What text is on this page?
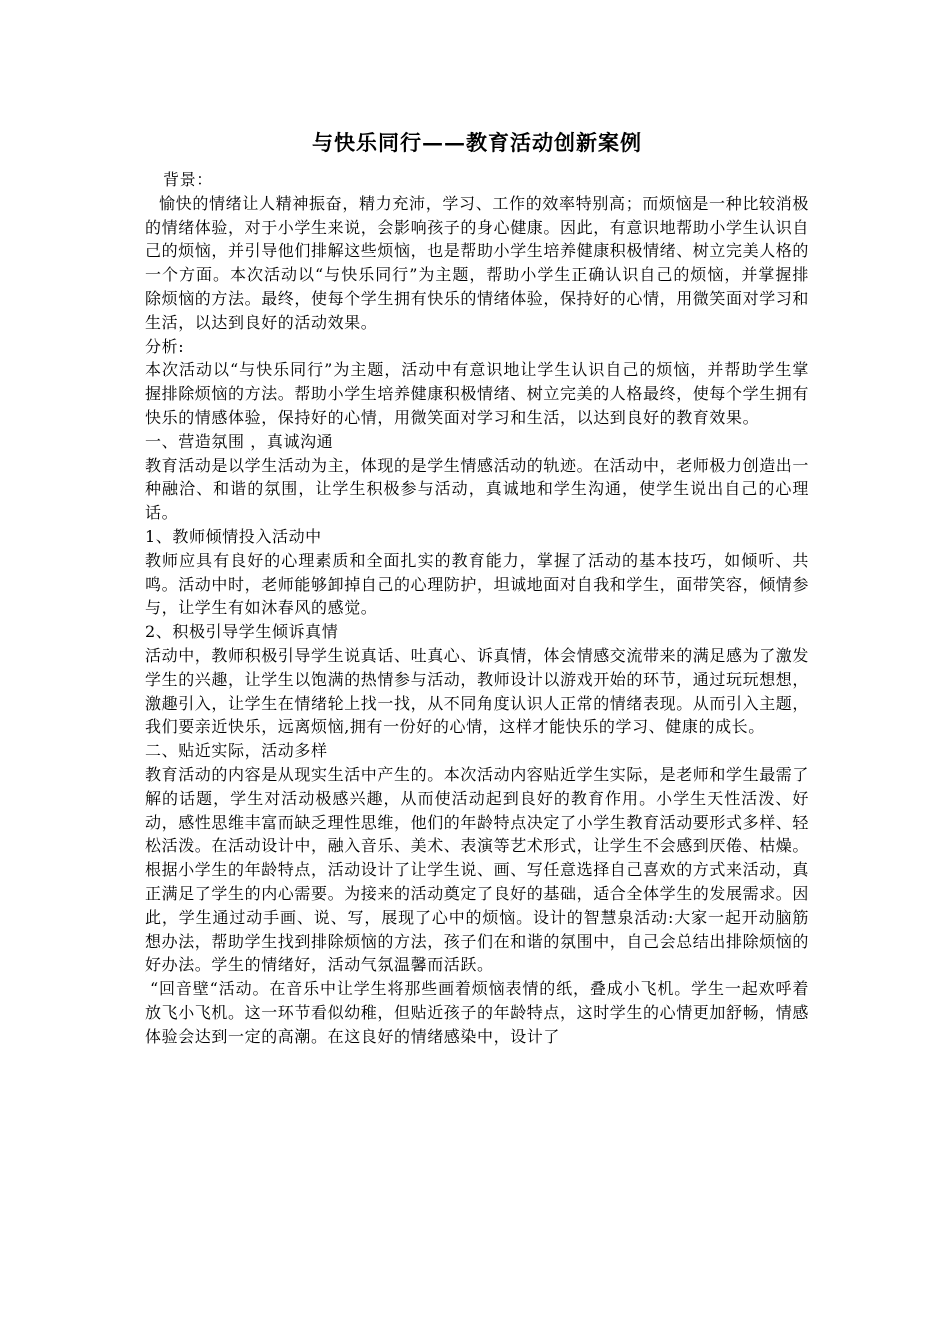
与快乐同行——教育活动创新案例

背景：

愉快的情绪让人精神振奋，精力充沛，学习、工作的效率特别高；而烦恼是一种比较消极的情绪体验，对于小学生来说，会影响孩子的身心健康。因此，有意识地帮助小学生认识自己的烦恼，并引导他们排解这些烦恼，也是帮助小学生培养健康积极情绪、树立完美人格的一个方面。本次活动以“与快乐同行”为主题，帮助小学生正确认识自己的烦恼，并掌握排除烦恼的方法。最终，使每个学生拥有快乐的情绪体验，保持好的心情，用微笑面对学习和生活，以达到良好的活动效果。

分析:

本次活动以“与快乐同行”为主题，活动中有意识地让学生认识自己的烦恼，并帮助学生掌握排除烦恼的方法。帮助小学生培养健康积极情绪、树立完美的人格最终，使每个学生拥有快乐的情感体验，保持好的心情，用微笑面对学习和生活，以达到良好的教育效果。

一、营造氛围 ，真诚沟通

教育活动是以学生活动为主，体现的是学生情感活动的轨迹。在活动中，老师极力创造出一种融洽、和谐的氛围，让学生积极参与活动，真诚地和学生沟通，使学生说出自己的心理话。

1、教师倾情投入活动中

教师应具有良好的心理素质和全面扎实的教育能力，掌握了活动的基本技巧，如倾听、共鸣。活动中时，老师能够卸掉自己的心理防护，坦诚地面对自我和学生，面带笑容，倾情参与，让学生有如沐春风的感觉。

2、积极引导学生倾诉真情

活动中，教师积极引导学生说真话、吐真心、诉真情，体会情感交流带来的满足感为了激发学生的兴趣，让学生以饱满的热情参与活动，教师设计以游戏开始的环节，通过玩玩想想，激趣引入，让学生在情绪轮上找一找，从不同角度认识人正常的情绪表现。从而引入主题，我们要亲近快乐，远离烦恼,拥有一份好的心情，这样才能快乐的学习、健康的成长。

二、贴近实际，活动多样

教育活动的内容是从现实生活中产生的。本次活动内容贴近学生实际，是老师和学生最需了解的话题，学生对活动极感兴趣，从而使活动起到良好的教育作用。小学生天性活泼、好动，感性思维丰富而缺乏理性思维，他们的年龄特点决定了小学生教育活动要形式多样、轻松活泼。在活动设计中，融入音乐、美术、表演等艺术形式，让学生不会感到厌倦、枯燥。

根据小学生的年龄特点，活动设计了让学生说、画、写任意选择自己喜欢的方式来活动，真正满足了学生的内心需要。为接来的活动奠定了良好的基础，适合全体学生的发展需求。因此，学生通过动手画、说、写，展现了心中的烦恼。设计的智慧泉活动:大家一起开动脑筋想办法，帮助学生找到排除烦恼的方法，孩子们在和谐的氛围中，自己会总结出排除烦恼的好办法。学生的情绪好，活动气氛温馨而活跃。

“回音壁“活动。在音乐中让学生将那些画着烦恼表情的纸，叠成小飞机。学生一起欢呼着放飞小飞机。这一环节看似幼稚，但贴近孩子的年龄特点，这时学生的心情更加舒畅，情感体验会达到一定的高潮。在这良好的情绪感染中，设计了
